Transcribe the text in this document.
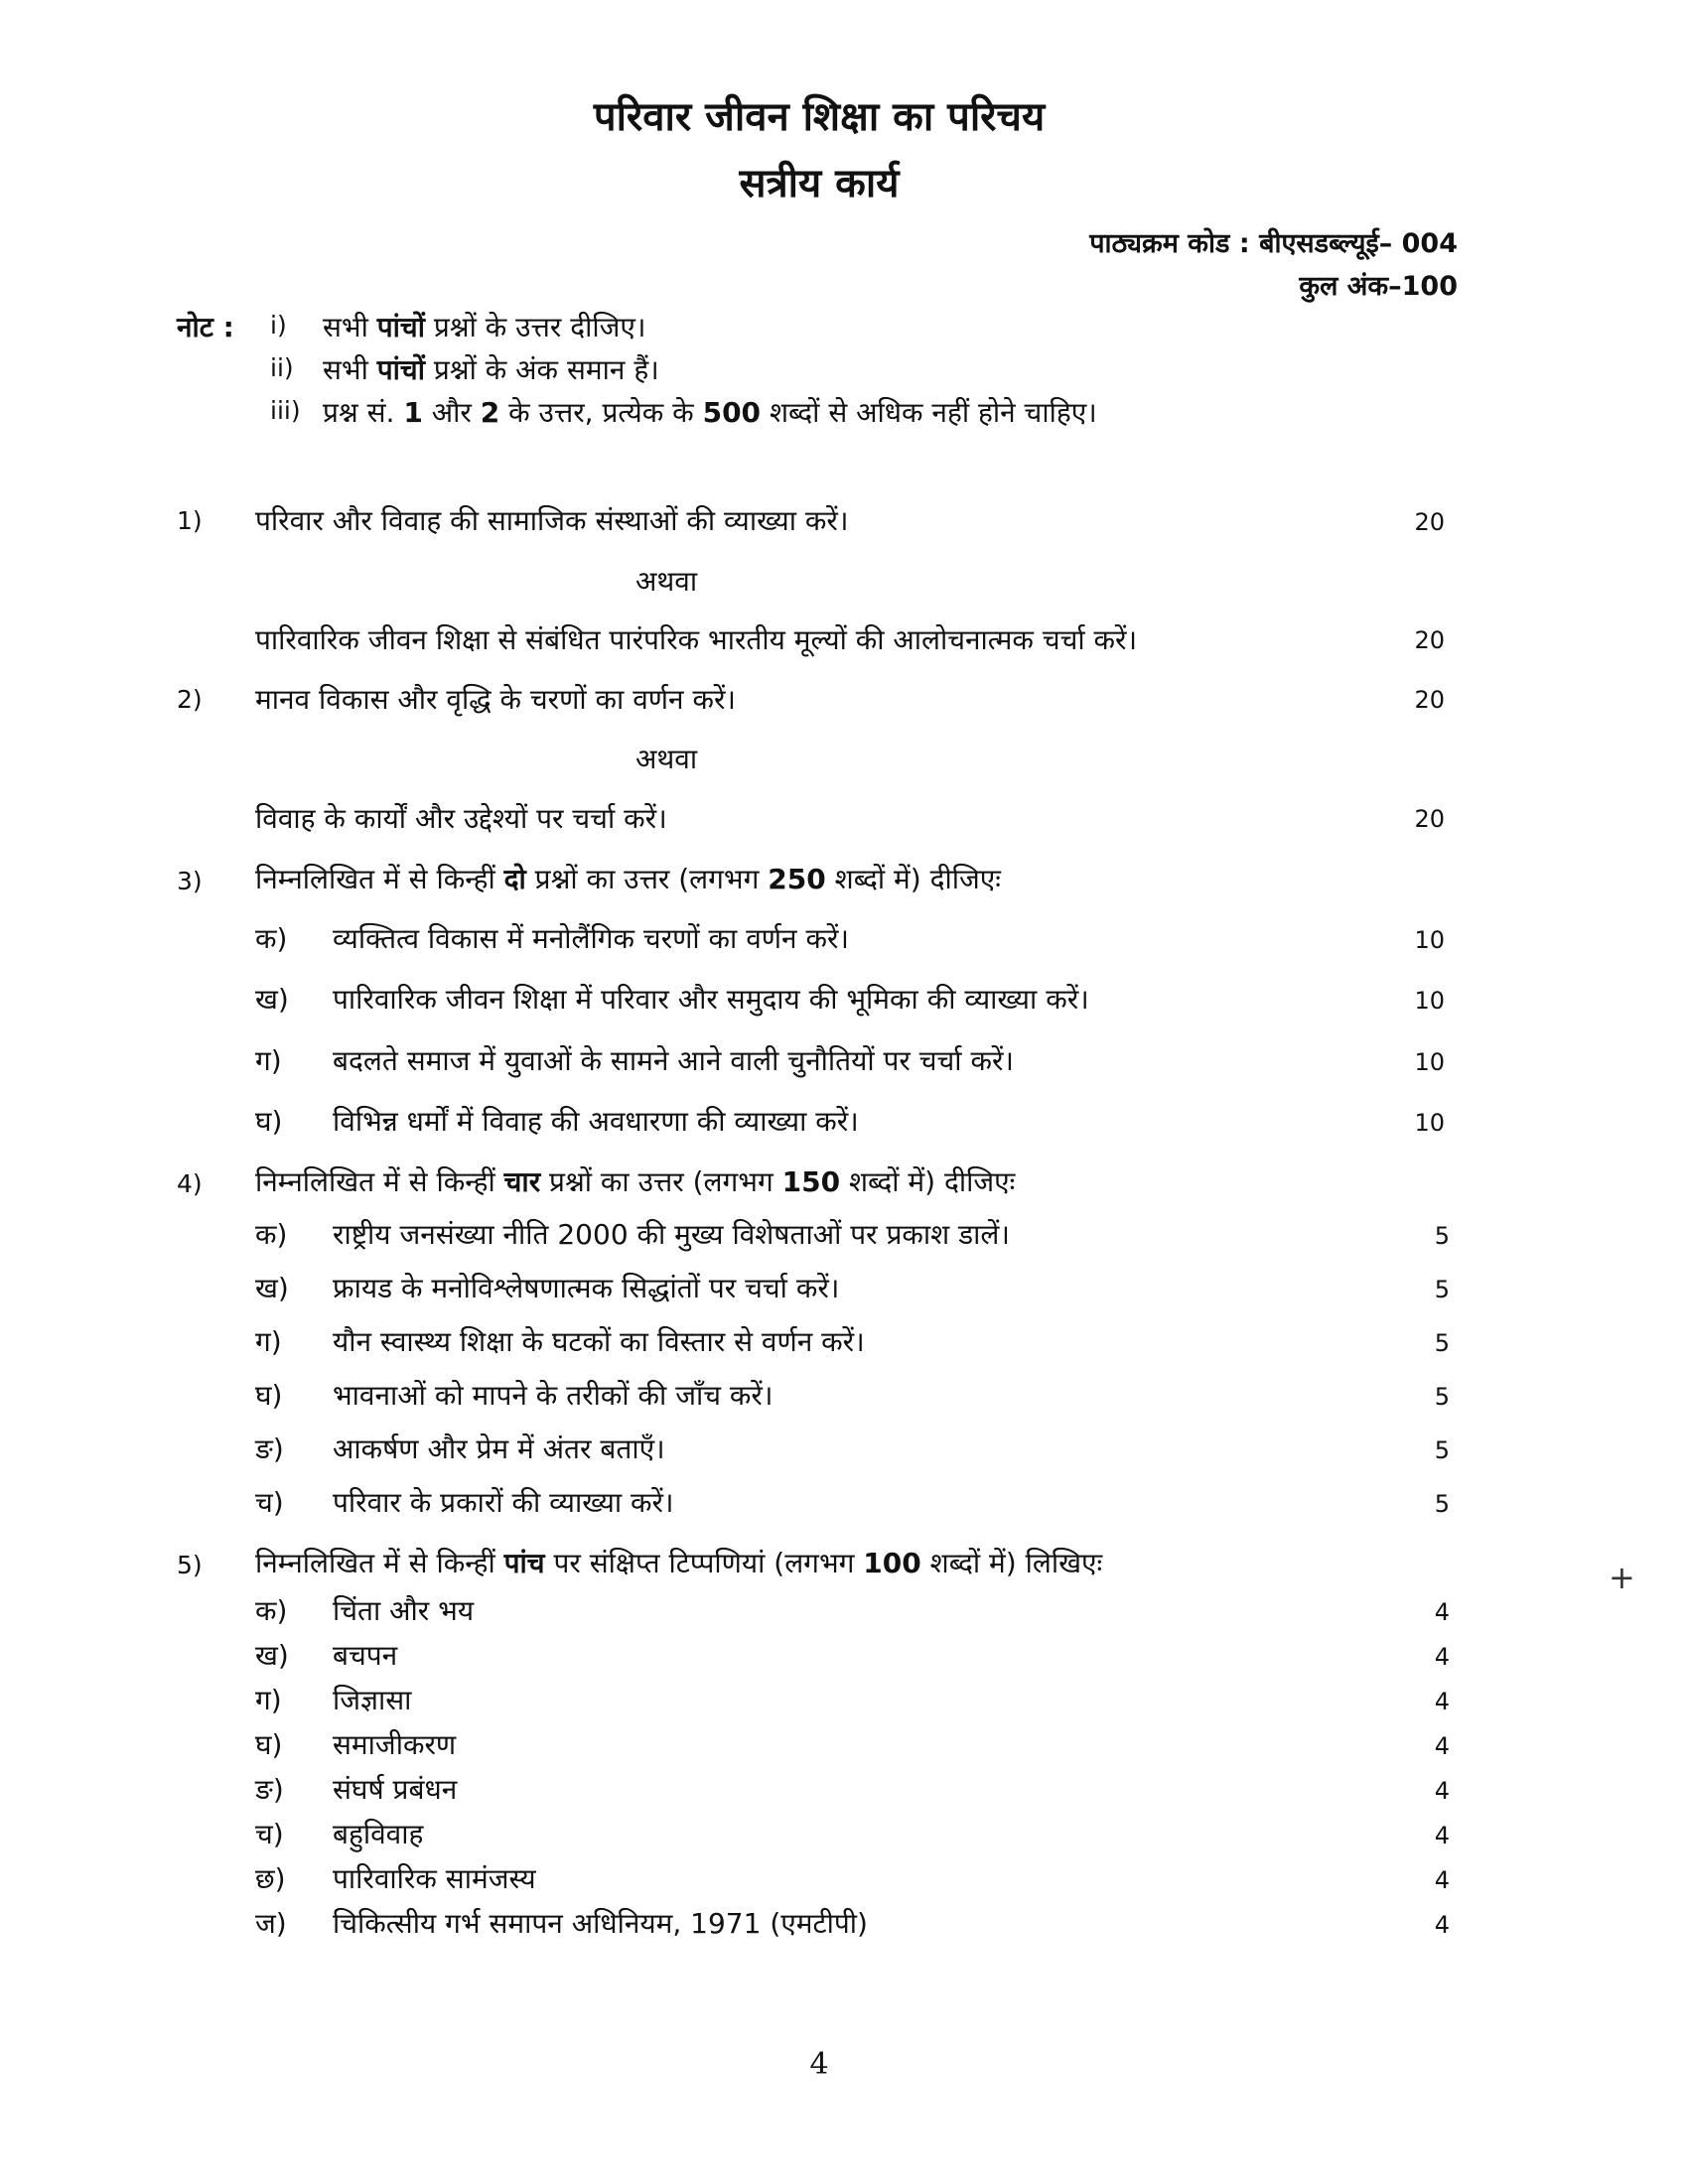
परिवार जीवन शिक्षा का परिचय
सत्रीय कार्य
पाठ्यक्रम कोड : बीएसडब्ल्यूई– 004
कुल अंक–100
नोट : i) सभी पांचों प्रश्नों के उत्तर दीजिए।
ii) सभी पांचों प्रश्नों के अंक समान हैं।
iii) प्रश्न सं. 1 और 2 के उत्तर, प्रत्येक के 500 शब्दों से अधिक नहीं होने चाहिए।
1) परिवार और विवाह की सामाजिक संस्थाओं की व्याख्या करें।	20
अथवा
पारिवारिक जीवन शिक्षा से संबंधित पारंपरिक भारतीय मूल्यों की आलोचनात्मक चर्चा करें।	20
2) मानव विकास और वृद्धि के चरणों का वर्णन करें।	20
अथवा
विवाह के कार्यों और उद्देश्यों पर चर्चा करें।	20
3) निम्नलिखित में से किन्हीं दो प्रश्नों का उत्तर (लगभग 250 शब्दों में) दीजिएः
क) व्यक्तित्व विकास में मनोलैंगिक चरणों का वर्णन करें।	10
ख) पारिवारिक जीवन शिक्षा में परिवार और समुदाय की भूमिका की व्याख्या करें।	10
ग) बदलते समाज में युवाओं के सामने आने वाली चुनौतियों पर चर्चा करें।	10
घ) विभिन्न धर्मों में विवाह की अवधारणा की व्याख्या करें।	10
4) निम्नलिखित में से किन्हीं चार प्रश्नों का उत्तर (लगभग 150 शब्दों में) दीजिएः
क) राष्ट्रीय जनसंख्या नीति 2000 की मुख्य विशेषताओं पर प्रकाश डालें।	5
ख) फ्रायड के मनोविश्लेषणात्मक सिद्धांतों पर चर्चा करें।	5
ग) यौन स्वास्थ्य शिक्षा के घटकों का विस्तार से वर्णन करें।	5
घ) भावनाओं को मापने के तरीकों की जाँच करें।	5
ङ) आकर्षण और प्रेम में अंतर बताएँ।	5
च) परिवार के प्रकारों की व्याख्या करें।	5
5) निम्नलिखित में से किन्हीं पांच पर संक्षिप्त टिप्पणियां (लगभग 100 शब्दों में) लिखिएः	+
क) चिंता और भय	4
ख) बचपन	4
ग) जिज्ञासा	4
घ) समाजीकरण	4
ङ) संघर्ष प्रबंधन	4
च) बहुविवाह	4
छ) पारिवारिक सामंजस्य	4
ज) चिकित्सीय गर्भ समापन अधिनियम, 1971 (एमटीपी)	4
4
